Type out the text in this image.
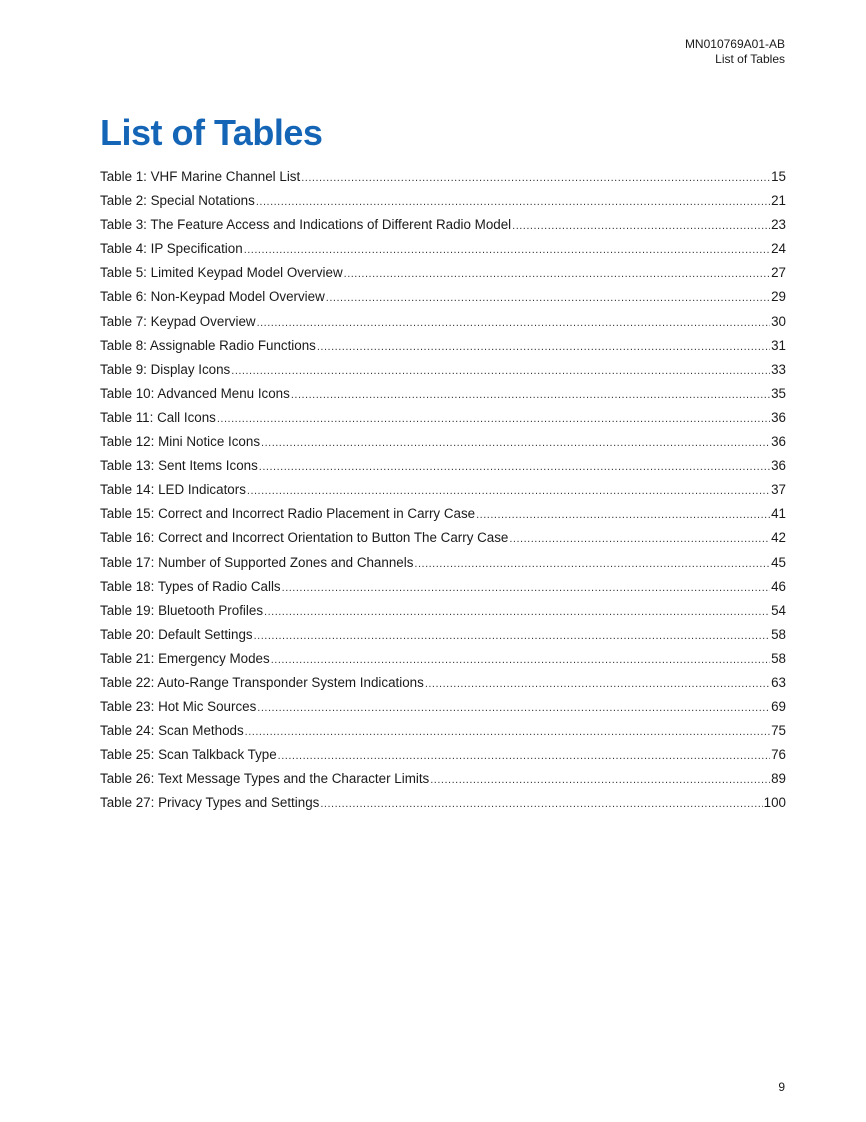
MN010769A01-AB
List of Tables
List of Tables
Table 1: VHF Marine Channel List .....	15
Table 2: Special Notations .....	21
Table 3: The Feature Access and Indications of Different Radio Model .....	23
Table 4: IP Specification .....	24
Table 5: Limited Keypad Model Overview .....	27
Table 6: Non-Keypad Model Overview .....	29
Table 7: Keypad Overview .....	30
Table 8: Assignable Radio Functions .....	31
Table 9: Display Icons .....	33
Table 10: Advanced Menu Icons .....	35
Table 11: Call Icons .....	36
Table 12: Mini Notice Icons .....	36
Table 13: Sent Items Icons .....	36
Table 14: LED Indicators .....	37
Table 15: Correct and Incorrect Radio Placement in Carry Case .....	41
Table 16: Correct and Incorrect Orientation to Button The Carry Case .....	42
Table 17: Number of Supported Zones and Channels .....	45
Table 18: Types of Radio Calls .....	46
Table 19: Bluetooth Profiles .....	54
Table 20: Default Settings .....	58
Table 21: Emergency Modes .....	58
Table 22: Auto-Range Transponder System Indications .....	63
Table 23: Hot Mic Sources .....	69
Table 24: Scan Methods .....	75
Table 25: Scan Talkback Type .....	76
Table 26: Text Message Types and the Character Limits .....	89
Table 27: Privacy Types and Settings .....	100
9
